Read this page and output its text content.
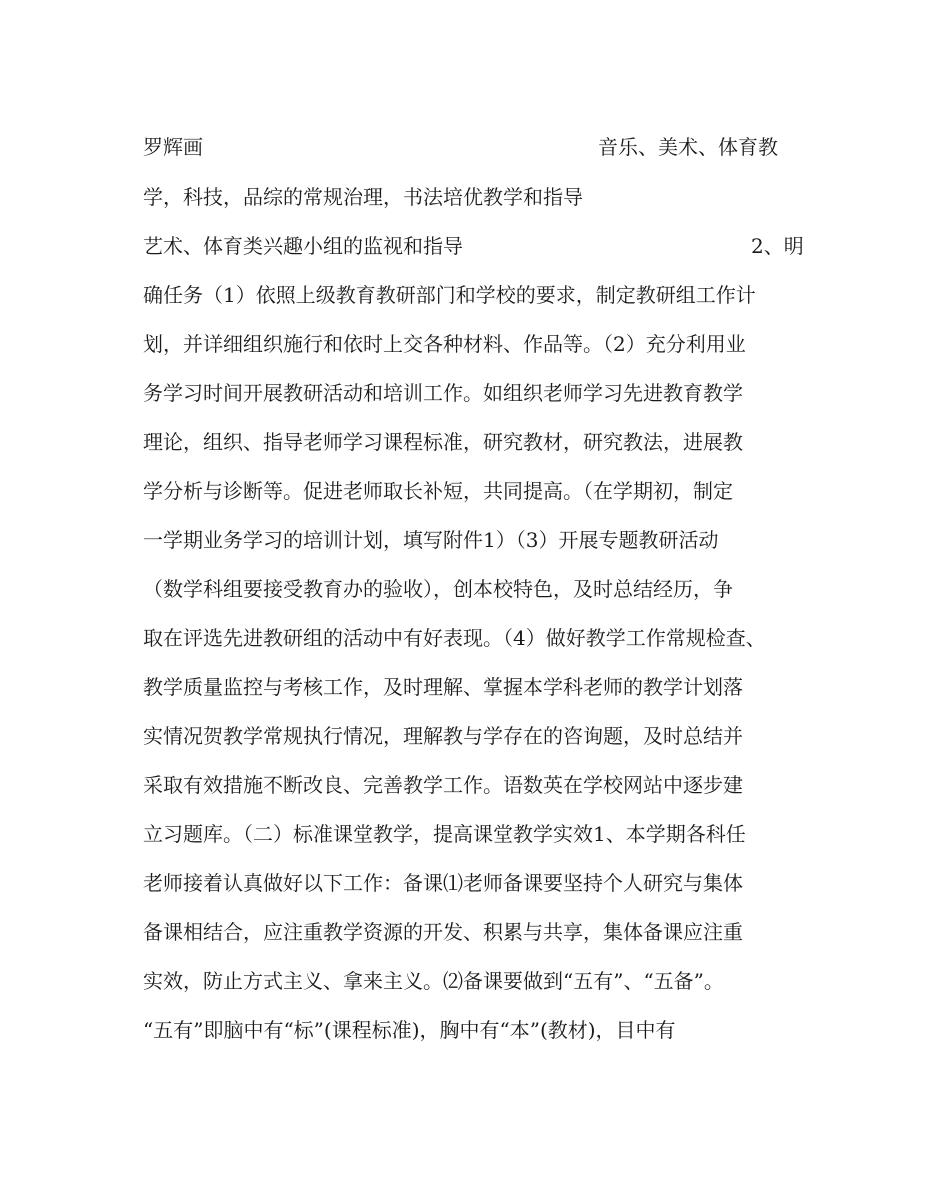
罗辉画	音乐、美术、体育教
学，科技，品综的常规治理，书法培优教学和指导
艺术、体育类兴趣小组的监视和指导	2、明
确任务（1）依照上级教育教研部门和学校的要求，制定教研组工作计
划，并详细组织施行和依时上交各种材料、作品等。（2）充分利用业
务学习时间开展教研活动和培训工作。如组织老师学习先进教育教学
理论，组织、指导老师学习课程标准，研究教材，研究教法，进展教
学分析与诊断等。促进老师取长补短，共同提高。（在学期初，制定
一学期业务学习的培训计划，填写附件1）（3）开展专题教研活动
（数学科组要接受教育办的验收），创本校特色，及时总结经历，争
取在评选先进教研组的活动中有好表现。（4）做好教学工作常规检查、
教学质量监控与考核工作，及时理解、掌握本学科老师的教学计划落
实情况贺教学常规执行情况，理解教与学存在的咨询题，及时总结并
采取有效措施不断改良、完善教学工作。语数英在学校网站中逐步建
立习题库。（二）标准课堂教学，提高课堂教学实效1、本学期各科任
老师接着认真做好以下工作：备课⑴老师备课要坚持个人研究与集体
备课相结合，应注重教学资源的开发、积累与共享，集体备课应注重
实效，防止方式主义、拿来主义。⑵备课要做到“五有”、“五备”。
“五有”即脑中有“标”(课程标准)，胸中有“本”(教材)，目中有
